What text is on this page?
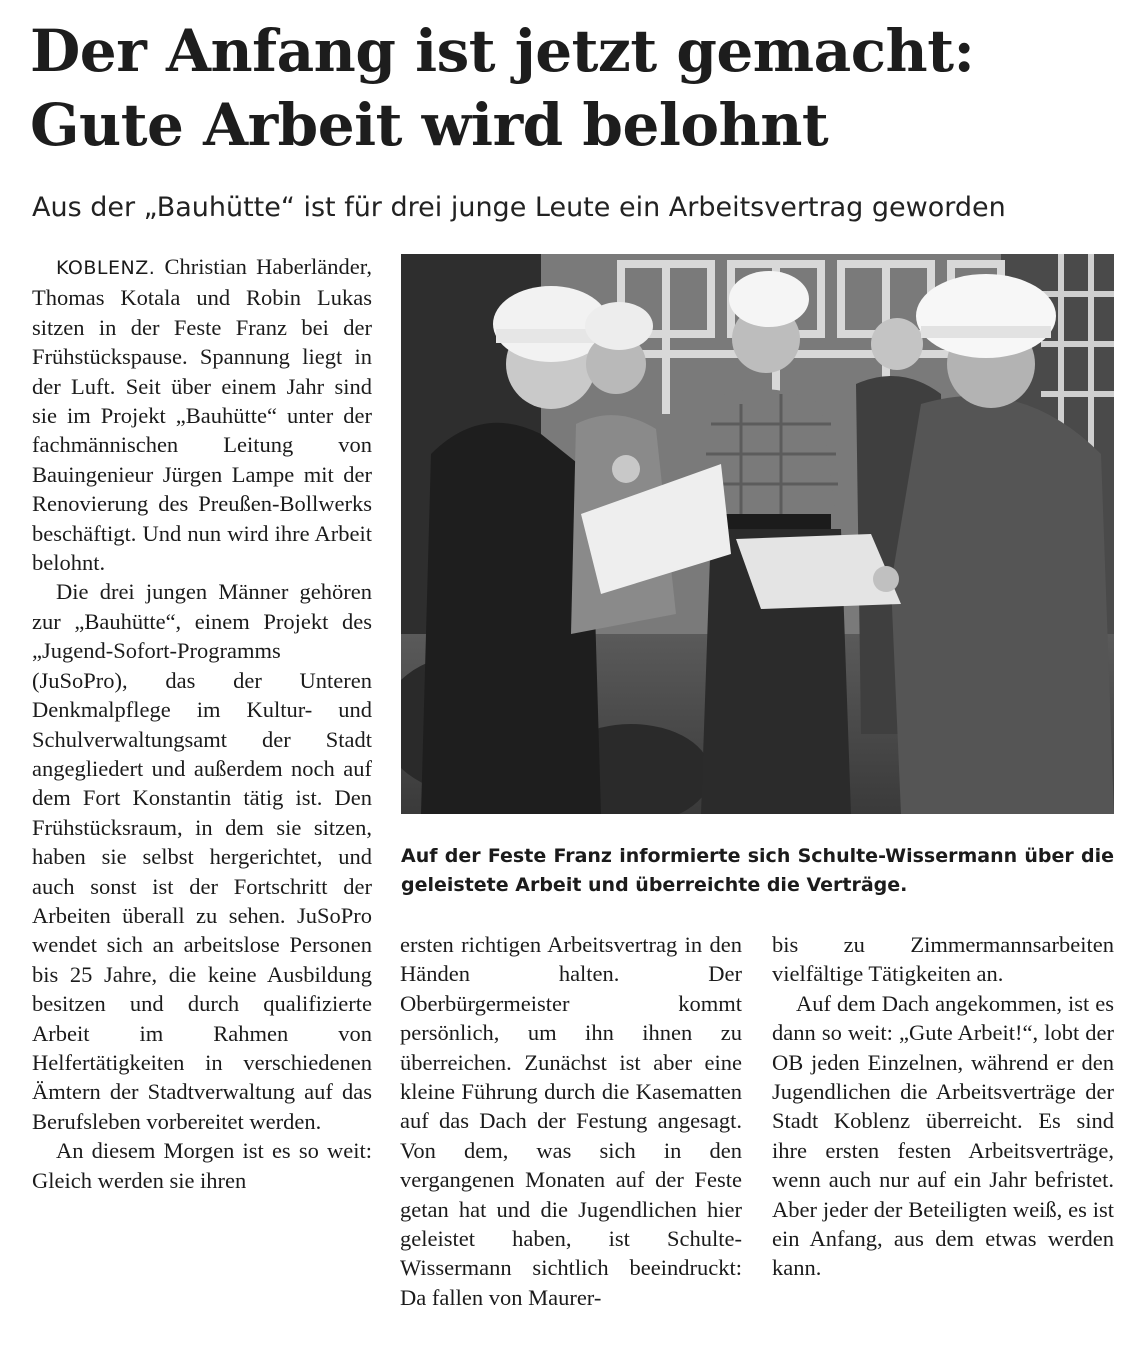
Der Anfang ist jetzt gemacht:
Gute Arbeit wird belohnt
Aus der „Bauhütte“ ist für drei junge Leute ein Arbeitsvertrag geworden

KOBLENZ. Christian Haberländer, Thomas Kotala und Robin Lukas sitzen in der Feste Franz bei der Frühstückspause. Spannung liegt in der Luft. Seit über einem Jahr sind sie im Projekt „Bauhütte“ unter der fachmännischen Leitung von Bauingenieur Jürgen Lampe mit der Renovierung des Preußen-Bollwerks beschäftigt. Und nun wird ihre Arbeit belohnt.

Die drei jungen Männer gehören zur „Bauhütte“, einem Projekt des „Jugend-Sofort-Programms (JuSoPro), das der Unteren Denkmalpflege im Kultur- und Schulverwaltungsamt der Stadt angegliedert und außerdem noch auf dem Fort Konstantin tätig ist. Den Frühstücksraum, in dem sie sitzen, haben sie selbst hergerichtet, und auch sonst ist der Fortschritt der Arbeiten überall zu sehen. JuSoPro wendet sich an arbeitslose Personen bis 25 Jahre, die keine Ausbildung besitzen und durch qualifizierte Arbeit im Rahmen von Helfertätigkeiten in verschiedenen Ämtern der Stadtverwaltung auf das Berufsleben vorbereitet werden.

An diesem Morgen ist es so weit: Gleich werden sie ihren

Auf der Feste Franz informierte sich Schulte-Wissermann über die geleistete Arbeit und überreichte die Verträge.

ersten richtigen Arbeitsvertrag in den Händen halten. Der Oberbürgermeister kommt persönlich, um ihn ihnen zu überreichen. Zunächst ist aber eine kleine Führung durch die Kasematten auf das Dach der Festung angesagt. Von dem, was sich in den vergangenen Monaten auf der Feste getan hat und die Jugendlichen hier geleistet haben, ist Schulte-Wissermann sichtlich beeindruckt: Da fallen von Maurer-

bis zu Zimmermannsarbeiten vielfältige Tätigkeiten an.

Auf dem Dach angekommen, ist es dann so weit: „Gute Arbeit!“, lobt der OB jeden Einzelnen, während er den Jugendlichen die Arbeitsverträge der Stadt Koblenz überreicht. Es sind ihre ersten festen Arbeitsverträge, wenn auch nur auf ein Jahr befristet. Aber jeder der Beteiligten weiß, es ist ein Anfang, aus dem etwas werden kann.
